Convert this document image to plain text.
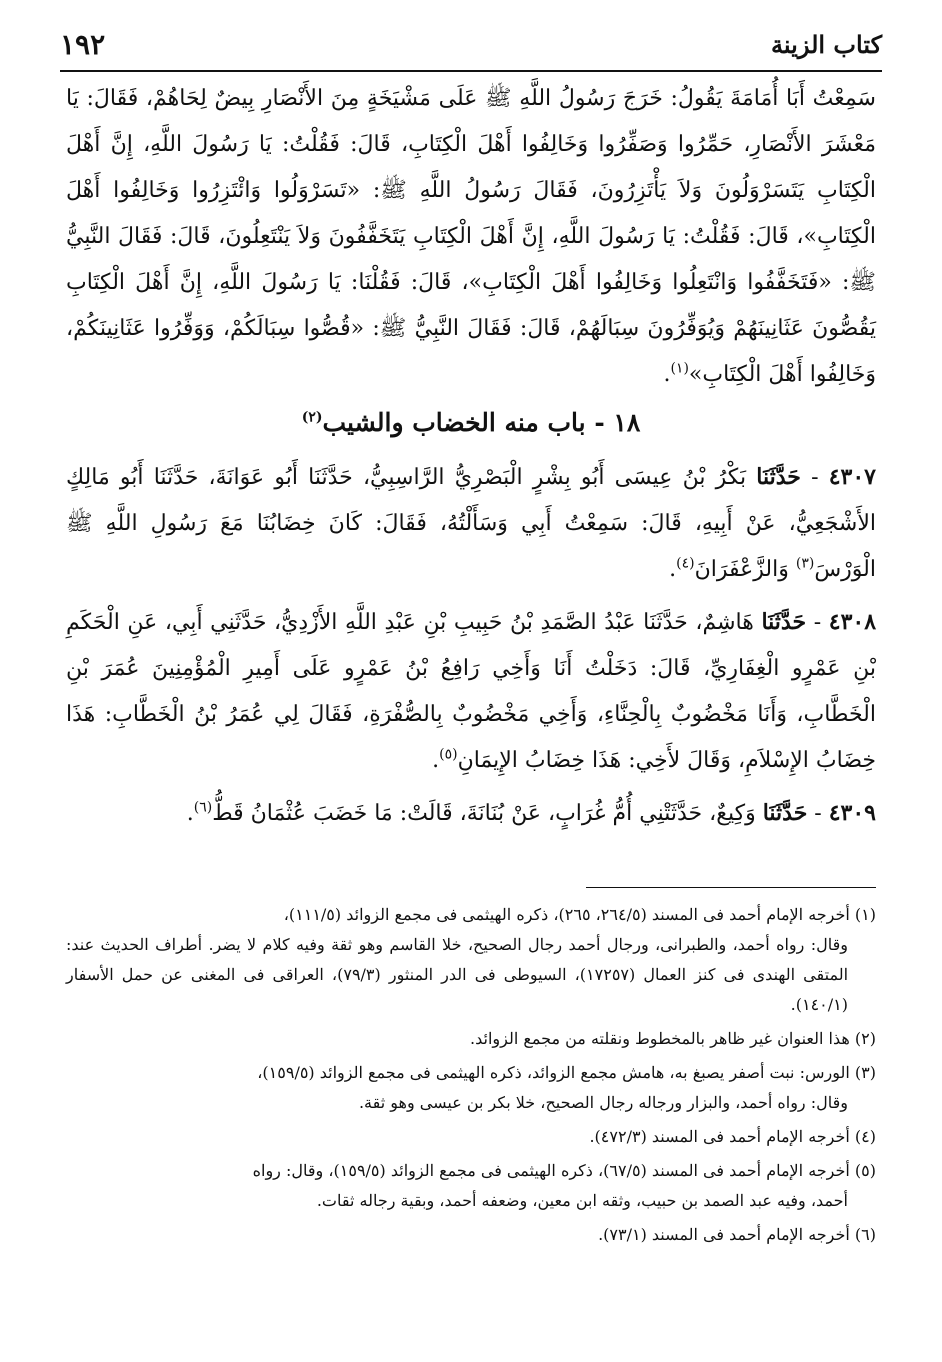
١٩٢	كتاب الزينة

سَمِعْتُ أَبَا أُمَامَةَ يَقُولُ: خَرَجَ رَسُولُ اللَّهِ ﷺ عَلَى مَشْيَخَةٍ مِنَ الأَنْصَارِ بِيضٌ لِحَاهُمْ، فَقَالَ: يَا مَعْشَرَ الأَنْصَارِ، حَمِّرُوا وَصَفِّرُوا وَخَالِفُوا أَهْلَ الْكِتَابِ، قَالَ: فَقُلْتُ: يَا رَسُولَ اللَّهِ، إِنَّ أَهْلَ الْكِتَابِ يَتَسَرْوَلُونَ وَلاَ يَأْتَزِرُونَ، فَقَالَ رَسُولُ اللَّهِ ﷺ: «تَسَرْوَلُوا وَائْتَزِرُوا وَخَالِفُوا أَهْلَ الْكِتَابِ»، قَالَ: فَقُلْتُ: يَا رَسُولَ اللَّهِ، إِنَّ أَهْلَ الْكِتَابِ يَتَخَفَّفُونَ وَلاَ يَنْتَعِلُونَ، قَالَ: فَقَالَ النَّبِيُّ ﷺ: «فَتَخَفَّفُوا وَانْتَعِلُوا وَخَالِفُوا أَهْلَ الْكِتَابِ»، قَالَ: فَقُلْنَا: يَا رَسُولَ اللَّهِ، إِنَّ أَهْلَ الْكِتَابِ يَقُصُّونَ عَثَانِينَهُمْ وَيُوَفِّرُونَ سِبَالَهُمْ، قَالَ: فَقَالَ النَّبِيُّ ﷺ: «قُصُّوا سِبَالَكُمْ، وَوَفِّرُوا عَثَانِينَكُمْ، وَخَالِفُوا أَهْلَ الْكِتَابِ»$^{(١)}$.

١٨ - باب منه الخضاب والشيب$^{(٢)}$

٤٣٠٧ - حَدَّثَنَا بَكْرُ بْنُ عِيسَى أَبُو بِشْرٍ الْبَصْرِيُّ الرَّاسِبِيُّ، حَدَّثَنَا أَبُو عَوَانَةَ، حَدَّثَنَا أَبُو مَالِكٍ الأَشْجَعِيُّ، عَنْ أَبِيهِ، قَالَ: سَمِعْتُ أَبِي وَسَأَلْتُهُ، فَقَالَ: كَانَ خِضَابُنَا مَعَ رَسُولِ اللَّهِ ﷺ الْوَرْسَ$^{(٣)}$ وَالزَّعْفَرَانَ$^{(٤)}$.

٤٣٠٨ - حَدَّثَنَا هَاشِمٌ، حَدَّثَنَا عَبْدُ الصَّمَدِ بْنُ حَبِيبِ بْنِ عَبْدِ اللَّهِ الأَزْدِيُّ، حَدَّثَنِي أَبِي، عَنِ الْحَكَمِ بْنِ عَمْرٍو الْغِفَارِيِّ، قَالَ: دَخَلْتُ أَنَا وَأَخِي رَافِعُ بْنُ عَمْرٍو عَلَى أَمِيرِ الْمُؤْمِنِينَ عُمَرَ بْنِ الْخَطَّابِ، وَأَنَا مَخْضُوبٌ بِالْحِنَّاءِ، وَأَخِي مَخْضُوبٌ بِالصُّفْرَةِ، فَقَالَ لِي عُمَرُ بْنُ الْخَطَّابِ: هَذَا خِضَابُ الإِسْلاَمِ، وَقَالَ لأَخِي: هَذَا خِضَابُ الإِيمَانِ$^{(٥)}$.

٤٣٠٩ - حَدَّثَنَا وَكِيعٌ، حَدَّثَتْنِي أُمُّ غُرَابٍ، عَنْ بُنَانَةَ، قَالَتْ: مَا خَضَبَ عُثْمَانُ قَطُّ$^{(٦)}$.

(١) أخرجه الإمام أحمد فى المسند (٢٦٤/٥، ٢٦٥)، ذكره الهيثمى فى مجمع الزوائد (١١١/٥)،
وقال: رواه أحمد، والطبرانى، ورجال أحمد رجال الصحيح، خلا القاسم وهو ثقة وفيه كلام لا يضر. أطراف الحديث عند: المتقى الهندى فى كنز العمال (١٧٢٥٧)، السيوطى فى الدر المنثور (٧٩/٣)، العراقى فى المغنى عن حمل الأسفار (١٤٠/١).

(٢) هذا العنوان غير ظاهر بالمخطوط ونقلته من مجمع الزوائد.

(٣) الورس: نبت أصفر يصبغ به، هامش مجمع الزوائد، ذكره الهيثمى فى مجمع الزوائد (١٥٩/٥)،
وقال: رواه أحمد، والبزار ورجاله رجال الصحيح، خلا بكر بن عيسى وهو ثقة.

(٤) أخرجه الإمام أحمد فى المسند (٤٧٢/٣).

(٥) أخرجه الإمام أحمد فى المسند (٦٧/٥)، ذكره الهيثمى فى مجمع الزوائد (١٥٩/٥)، وقال: رواه
أحمد، وفيه عبد الصمد بن حبيب، وثقه ابن معين، وضعفه أحمد، وبقية رجاله ثقات.

(٦) أخرجه الإمام أحمد فى المسند (٧٣/١).
